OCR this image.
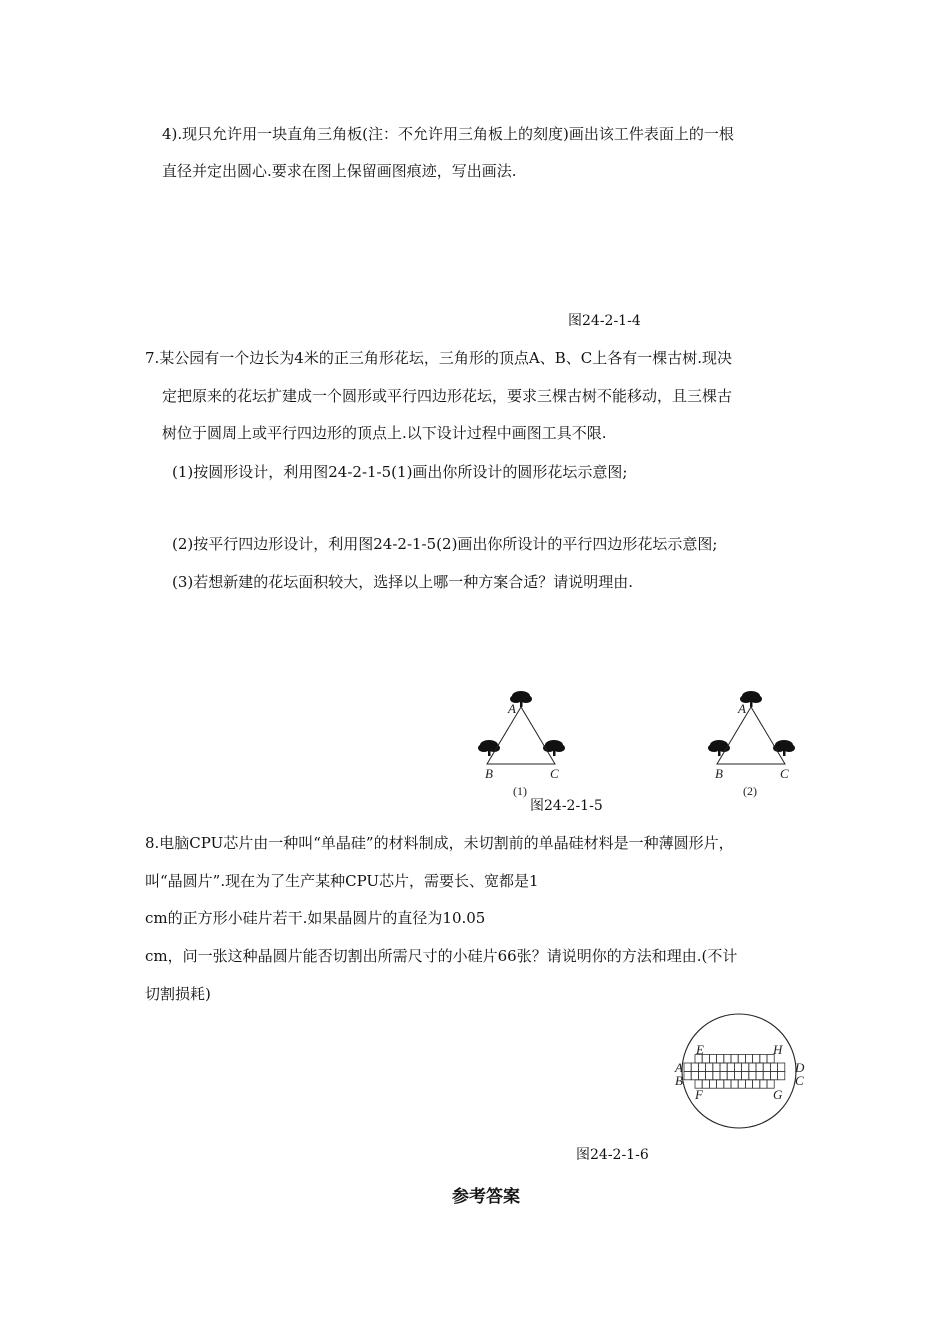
4).现只允许用一块直角三角板(注：不允许用三角板上的刻度)画出该工件表面上的一根
直径并定出圆心.要求在图上保留画图痕迹，写出画法.
图24-2-1-4
7.某公园有一个边长为4米的正三角形花坛，三角形的顶点A、B、C上各有一棵古树.现决
定把原来的花坛扩建成一个圆形或平行四边形花坛，要求三棵古树不能移动，且三棵古
树位于圆周上或平行四边形的顶点上.以下设计过程中画图工具不限.
(1)按圆形设计，利用图24-2-1-5(1)画出你所设计的圆形花坛示意图;
(2)按平行四边形设计，利用图24-2-1-5(2)画出你所设计的平行四边形花坛示意图;
(3)若想新建的花坛面积较大，选择以上哪一种方案合适？请说明理由.
A
B	C
(1)
A
B	C
(2)
图24-2-1-5
8.电脑CPU芯片由一种叫“单晶硅”的材料制成，未切割前的单晶硅材料是一种薄圆形片，
叫“晶圆片”.现在为了生产某种CPU芯片，需要长、宽都是1
cm的正方形小硅片若干.如果晶圆片的直径为10.05
cm，问一张这种晶圆片能否切割出所需尺寸的小硅片66张？请说明你的方法和理由.(不计
切割损耗)
E	H
A	D
B	C
F	G
图24-2-1-6
参考答案
